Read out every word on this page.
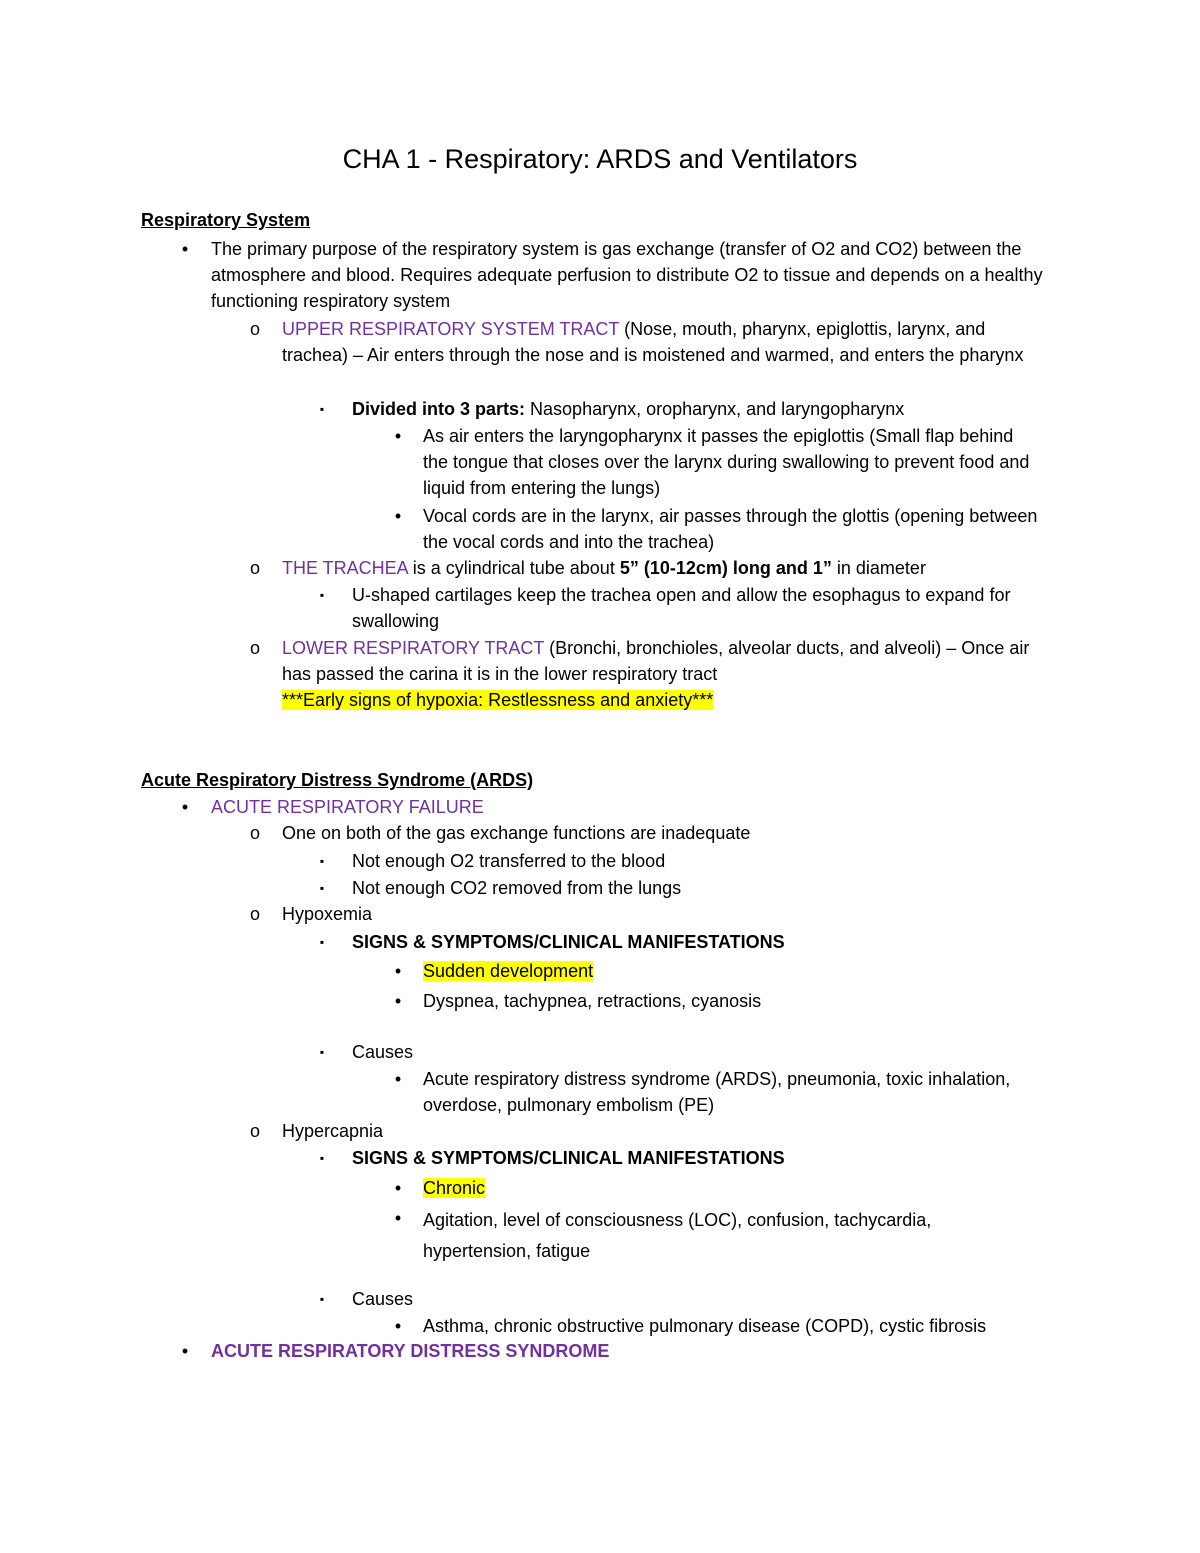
CHA 1 - Respiratory: ARDS and Ventilators
Respiratory System
•
The primary purpose of the respiratory system is gas exchange (transfer of O2 and CO2) between the atmosphere and blood. Requires adequate perfusion to distribute O2 to tissue and depends on a healthy functioning respiratory system
o
UPPER RESPIRATORY SYSTEM TRACT (Nose, mouth, pharynx, epiglottis, larynx, and trachea) – Air enters through the nose and is moistened and warmed, and enters the pharynx
▪
Divided into 3 parts: Nasopharynx, oropharynx, and laryngopharynx
•
As air enters the laryngopharynx it passes the epiglottis (Small flap behind the tongue that closes over the larynx during swallowing to prevent food and liquid from entering the lungs)
•
Vocal cords are in the larynx, air passes through the glottis (opening between the vocal cords and into the trachea)
o
THE TRACHEA is a cylindrical tube about 5” (10-12cm) long and 1” in diameter
▪
U-shaped cartilages keep the trachea open and allow the esophagus to expand for swallowing
o
LOWER RESPIRATORY TRACT (Bronchi, bronchioles, alveolar ducts, and alveoli) – Once air has passed the carina it is in the lower respiratory tract
***Early signs of hypoxia: Restlessness and anxiety***
Acute Respiratory Distress Syndrome (ARDS)
•
ACUTE RESPIRATORY FAILURE
o
One on both of the gas exchange functions are inadequate
▪
Not enough O2 transferred to the blood
▪
Not enough CO2 removed from the lungs
o
Hypoxemia
▪
SIGNS & SYMPTOMS/CLINICAL MANIFESTATIONS
•
Sudden development
•
Dyspnea, tachypnea, retractions, cyanosis
▪
Causes
•
Acute respiratory distress syndrome (ARDS), pneumonia, toxic inhalation, overdose, pulmonary embolism (PE)
o
Hypercapnia
▪
SIGNS & SYMPTOMS/CLINICAL MANIFESTATIONS
•
Chronic
•
Agitation, level of consciousness (LOC), confusion, tachycardia, hypertension, fatigue
▪
Causes
•
Asthma, chronic obstructive pulmonary disease (COPD), cystic fibrosis
•
ACUTE RESPIRATORY DISTRESS SYNDROME
